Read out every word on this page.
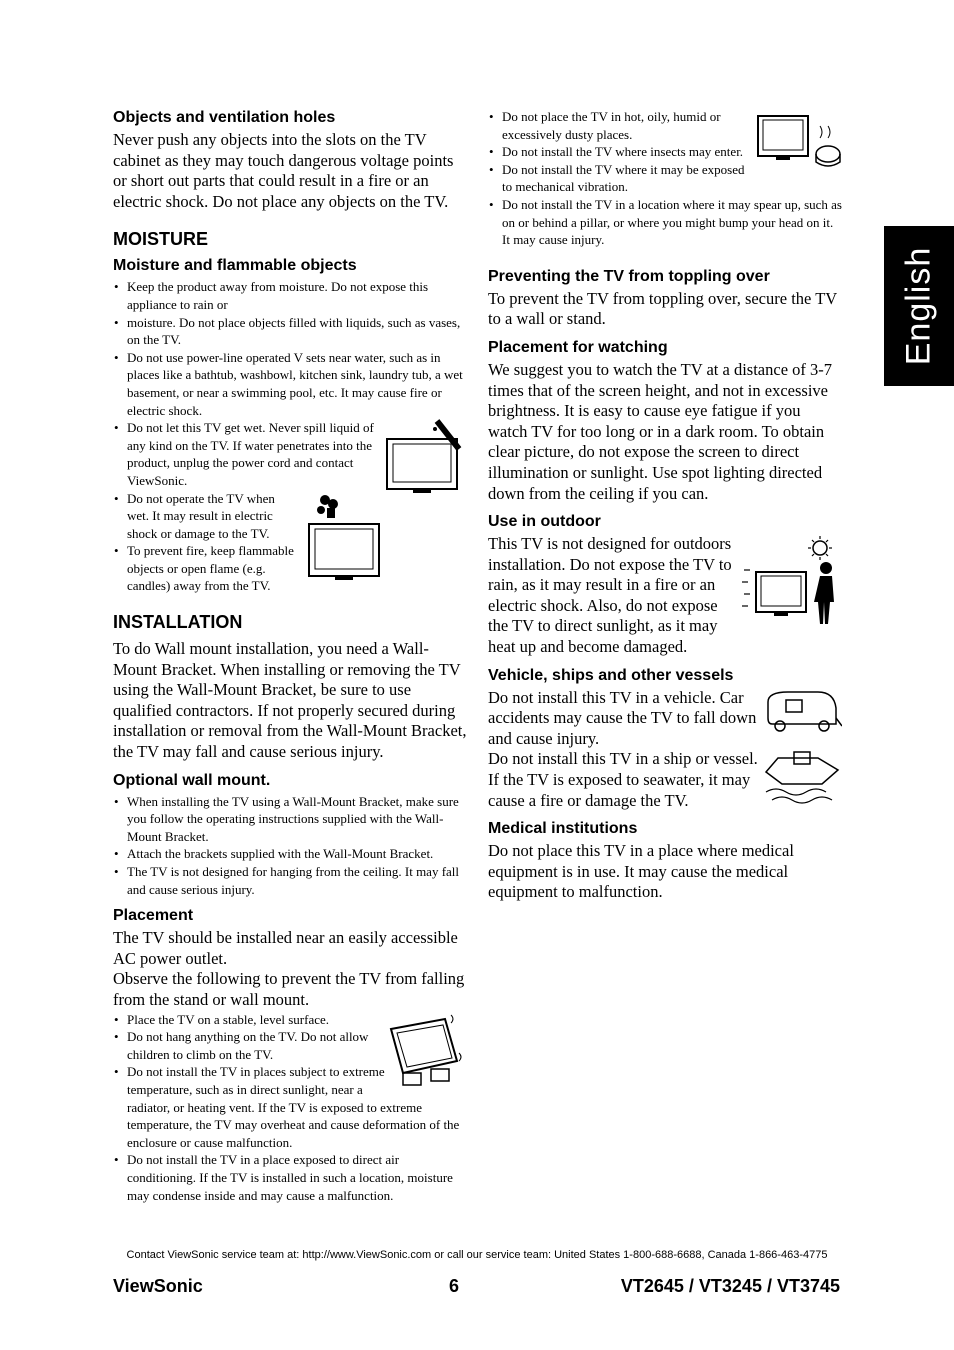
English
Objects and ventilation holes

Never push any objects into the slots on the TV cabinet as they may touch dangerous voltage points or short out parts that could result in a fire or an electric shock. Do not place any objects on the TV.

MOISTURE
Moisture and flammable objects
• Keep the product away from moisture. Do not expose this appliance to rain or
• moisture. Do not place objects filled with liquids, such as vases, on the TV.
• Do not use power-line operated V sets near water, such as in places like a bathtub, washbowl, kitchen sink, laundry tub, a wet basement, or near a swimming pool, etc. It may cause fire or electric shock.
• Do not let this TV get wet. Never spill liquid of any kind on the TV. If water penetrates into the product, unplug the power cord and contact ViewSonic.
• Do not operate the TV when wet. It may result in electric shock or damage to the TV.
• To prevent fire, keep flammable objects or open flame (e.g. candles) away from the TV.
INSTALLATION

To do Wall mount installation, you need a Wall-Mount Bracket. When installing or removing the TV using the Wall-Mount Bracket, be sure to use qualified contractors. If not properly secured during installation or removal from the Wall-Mount Bracket, the TV may fall and cause serious injury.

Optional wall mount.
• When installing the TV using a Wall-Mount Bracket, make sure you follow the operating instructions supplied with the Wall-Mount Bracket.
• Attach the brackets supplied with the Wall-Mount Bracket.
• The TV is not designed for hanging from the ceiling. It may fall and cause serious injury.
Placement

The TV should be installed near an easily accessible AC power outlet.

Observe the following to prevent the TV from falling from the stand or wall mount.

• Place the TV on a stable, level surface.
• Do not hang anything on the TV. Do not allow children to climb on the TV.
• Do not install the TV in places subject to extreme temperature, such as in direct sunlight, near a radiator, or heating vent. If the TV is exposed to extreme temperature, the TV may overheat and cause deformation of the enclosure or cause malfunction.
• Do not install the TV in a place exposed to direct air conditioning. If the TV is installed in such a location, moisture may condense inside and may cause a malfunction.
• Do not place the TV in hot, oily, humid or excessively dusty places.
• Do not install the TV where insects may enter.
• Do not install the TV where it may be exposed to mechanical vibration.
• Do not install the TV in a location where it may spear up, such as on or behind a pillar, or where you might bump your head on it. It may cause injury.
Preventing the TV from toppling over

To prevent the TV from toppling over, secure the TV to a wall or stand.

Placement for watching

We suggest you to watch the TV at a distance of 3-7 times that of the screen height, and not in excessive brightness. It is easy to cause eye fatigue if you watch TV for too long or in a dark room. To obtain clear picture, do not expose the screen to direct illumination or sunlight. Use spot lighting directed down from the ceiling if you can.

Use in outdoor

This TV is not designed for outdoors installation. Do not expose the TV to rain, as it may result in a fire or an electric shock. Also, do not expose the TV to direct sunlight, as it may heat up and become damaged.

Vehicle, ships and other vessels

Do not install this TV in a vehicle. Car accidents may cause the TV to fall down and cause injury.

Do not install this TV in a ship or vessel.

If the TV is exposed to seawater, it may cause a fire or damage the TV.

Medical institutions

Do not place this TV in a place where medical equipment is in use. It may cause the medical equipment to malfunction.

Contact ViewSonic service team at: http://www.ViewSonic.com or call our service team: United States 1-800-688-6688, Canada 1-866-463-4775
ViewSonic	6	VT2645 / VT3245 / VT3745
